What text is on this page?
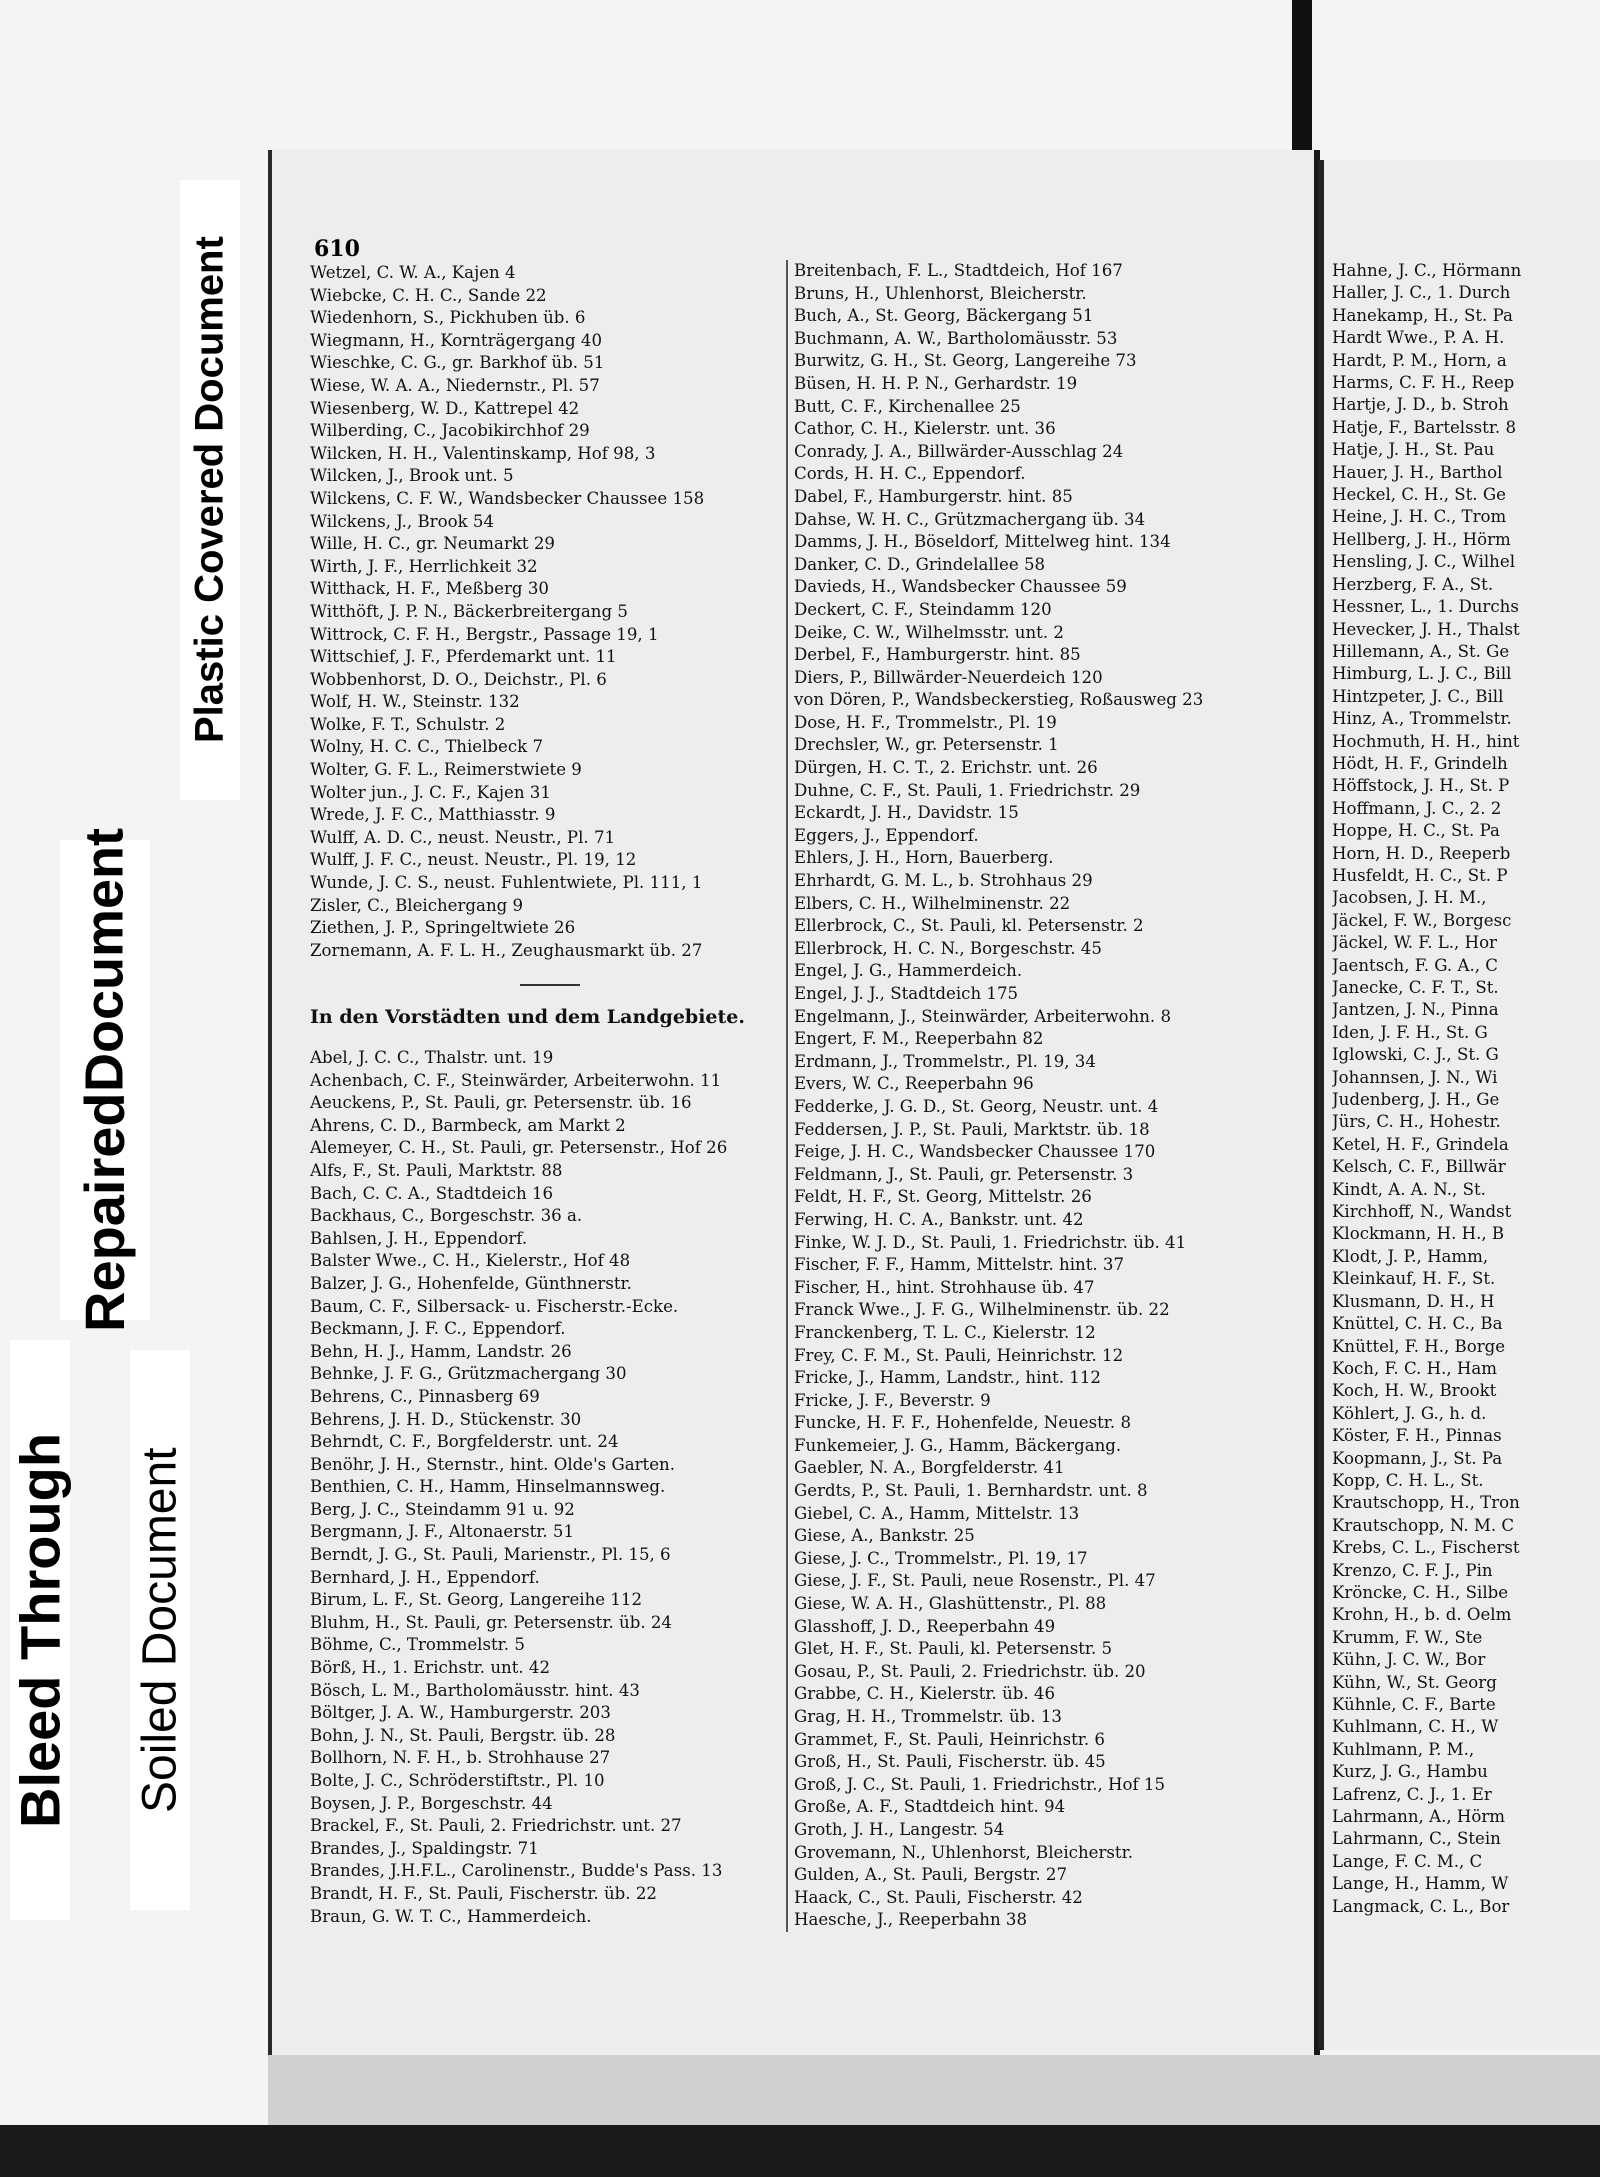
Plastic Covered Document
Repaired
Document
Bleed Through Soiled Document
610
Wetzel, C. W. A., Kajen 4
Wiebcke, C. H. C., Sande 22
Wiedenhorn, S., Pickhuben üb. 6
Wiegmann, H., Kornträgergang 40
Wieschke, C. G., gr. Barkhof üb. 51
Wiese, W. A. A., Niedernstr., Pl. 57
Wiesenberg, W. D., Kattrepel 42
Wilberding, C., Jacobikirchhof 29
Wilcken, H. H., Valentinskamp, Hof 98, 3
Wilcken, J., Brook unt. 5
Wilckens, C. F. W., Wandsbecker Chaussee 158
Wilckens, J., Brook 54
Wille, H. C., gr. Neumarkt 29
Wirth, J. F., Herrlichkeit 32
Witthack, H. F., Meßberg 30
Witthöft, J. P. N., Bäckerbreitergang 5
Wittrock, C. F. H., Bergstr., Passage 19, 1
Wittschief, J. F., Pferdemarkt unt. 11
Wobbenhorst, D. O., Deichstr., Pl. 6
Wolf, H. W., Steinstr. 132
Wolke, F. T., Schulstr. 2
Wolny, H. C. C., Thielbeck 7
Wolter, G. F. L., Reimerstwiete 9
Wolter jun., J. C. F., Kajen 31
Wrede, J. F. C., Matthiasstr. 9
Wulff, A. D. C., neust. Neustr., Pl. 71
Wulff, J. F. C., neust. Neustr., Pl. 19, 12
Wunde, J. C. S., neust. Fuhlentwiete, Pl. 111, 1
Zisler, C., Bleichergang 9
Ziethen, J. P., Springeltwiete 26
Zornemann, A. F. L. H., Zeughausmarkt üb. 27
In den Vorstädten und dem Landgebiete.
Abel, J. C. C., Thalstr. unt. 19
Achenbach, C. F., Steinwärder, Arbeiterwohn. 11
Aeuckens, P., St. Pauli, gr. Petersenstr. üb. 16
Ahrens, C. D., Barmbeck, am Markt 2
Alemeyer, C. H., St. Pauli, gr. Petersenstr., Hof 26
Alfs, F., St. Pauli, Marktstr. 88
Bach, C. C. A., Stadtdeich 16
Backhaus, C., Borgeschstr. 36 a.
Bahlsen, J. H., Eppendorf.
Balster Wwe., C. H., Kielerstr., Hof 48
Balzer, J. G., Hohenfelde, Günthnerstr.
Baum, C. F., Silbersack- u. Fischerstr.-Ecke.
Beckmann, J. F. C., Eppendorf.
Behn, H. J., Hamm, Landstr. 26
Behnke, J. F. G., Grützmachergang 30
Behrens, C., Pinnasberg 69
Behrens, J. H. D., Stückenstr. 30
Behrndt, C. F., Borgfelderstr. unt. 24
Benöhr, J. H., Sternstr., hint. Olde's Garten.
Benthien, C. H., Hamm, Hinselmannsweg.
Berg, J. C., Steindamm 91 u. 92
Bergmann, J. F., Altonaerstr. 51
Berndt, J. G., St. Pauli, Marienstr., Pl. 15, 6
Bernhard, J. H., Eppendorf.
Birum, L. F., St. Georg, Langereihe 112
Bluhm, H., St. Pauli, gr. Petersenstr. üb. 24
Böhme, C., Trommelstr. 5
Börß, H., 1. Erichstr. unt. 42
Bösch, L. M., Bartholomäusstr. hint. 43
Böltger, J. A. W., Hamburgerstr. 203
Bohn, J. N., St. Pauli, Bergstr. üb. 28
Bollhorn, N. F. H., b. Strohhause 27
Bolte, J. C., Schröderstiftstr., Pl. 10
Boysen, J. P., Borgeschstr. 44
Brackel, F., St. Pauli, 2. Friedrichstr. unt. 27
Brandes, J., Spaldingstr. 71
Brandes, J.H.F.L., Carolinenstr., Budde's Pass. 13
Brandt, H. F., St. Pauli, Fischerstr. üb. 22
Braun, G. W. T. C., Hammerdeich.
Breitenbach, F. L., Stadtdeich, Hof 167
Bruns, H., Uhlenhorst, Bleicherstr.
Buch, A., St. Georg, Bäckergang 51
Buchmann, A. W., Bartholomäusstr. 53
Burwitz, G. H., St. Georg, Langereihe 73
Büsen, H. H. P. N., Gerhardstr. 19
Butt, C. F., Kirchenallee 25
Cathor, C. H., Kielerstr. unt. 36
Conrady, J. A., Billwärder-Ausschlag 24
Cords, H. H. C., Eppendorf.
Dabel, F., Hamburgerstr. hint. 85
Dahse, W. H. C., Grützmachergang üb. 34
Damms, J. H., Böseldorf, Mittelweg hint. 134
Danker, C. D., Grindelallee 58
Davieds, H., Wandsbecker Chaussee 59
Deckert, C. F., Steindamm 120
Deike, C. W., Wilhelmsstr. unt. 2
Derbel, F., Hamburgerstr. hint. 85
Diers, P., Billwärder-Neuerdeich 120
von Dören, P., Wandsbeckerstieg, Roßausweg 23
Dose, H. F., Trommelstr., Pl. 19
Drechsler, W., gr. Petersenstr. 1
Dürgen, H. C. T., 2. Erichstr. unt. 26
Duhne, C. F., St. Pauli, 1. Friedrichstr. 29
Eckardt, J. H., Davidstr. 15
Eggers, J., Eppendorf.
Ehlers, J. H., Horn, Bauerberg.
Ehrhardt, G. M. L., b. Strohhaus 29
Elbers, C. H., Wilhelminenstr. 22
Ellerbrock, C., St. Pauli, kl. Petersenstr. 2
Ellerbrock, H. C. N., Borgeschstr. 45
Engel, J. G., Hammerdeich.
Engel, J. J., Stadtdeich 175
Engelmann, J., Steinwärder, Arbeiterwohn. 8
Engert, F. M., Reeperbahn 82
Erdmann, J., Trommelstr., Pl. 19, 34
Evers, W. C., Reeperbahn 96
Fedderke, J. G. D., St. Georg, Neustr. unt. 4
Feddersen, J. P., St. Pauli, Marktstr. üb. 18
Feige, J. H. C., Wandsbecker Chaussee 170
Feldmann, J., St. Pauli, gr. Petersenstr. 3
Feldt, H. F., St. Georg, Mittelstr. 26
Ferwing, H. C. A., Bankstr. unt. 42
Finke, W. J. D., St. Pauli, 1. Friedrichstr. üb. 41
Fischer, F. F., Hamm, Mittelstr. hint. 37
Fischer, H., hint. Strohhause üb. 47
Franck Wwe., J. F. G., Wilhelminenstr. üb. 22
Franckenberg, T. L. C., Kielerstr. 12
Frey, C. F. M., St. Pauli, Heinrichstr. 12
Fricke, J., Hamm, Landstr., hint. 112
Fricke, J. F., Beverstr. 9
Funcke, H. F. F., Hohenfelde, Neuestr. 8
Funkemeier, J. G., Hamm, Bäckergang.
Gaebler, N. A., Borgfelderstr. 41
Gerdts, P., St. Pauli, 1. Bernhardstr. unt. 8
Giebel, C. A., Hamm, Mittelstr. 13
Giese, A., Bankstr. 25
Giese, J. C., Trommelstr., Pl. 19, 17
Giese, J. F., St. Pauli, neue Rosenstr., Pl. 47
Giese, W. A. H., Glashüttenstr., Pl. 88
Glasshoff, J. D., Reeperbahn 49
Glet, H. F., St. Pauli, kl. Petersenstr. 5
Gosau, P., St. Pauli, 2. Friedrichstr. üb. 20
Grabbe, C. H., Kielerstr. üb. 46
Grag, H. H., Trommelstr. üb. 13
Grammet, F., St. Pauli, Heinrichstr. 6
Groß, H., St. Pauli, Fischerstr. üb. 45
Groß, J. C., St. Pauli, 1. Friedrichstr., Hof 15
Große, A. F., Stadtdeich hint. 94
Groth, J. H., Langestr. 54
Grovemann, N., Uhlenhorst, Bleicherstr.
Gulden, A., St. Pauli, Bergstr. 27
Haack, C., St. Pauli, Fischerstr. 42
Haesche, J., Reeperbahn 38
Hahne, J. C., Hörmann
Haller, J. C., 1. Durch
Hanekamp, H., St. Pa
Hardt Wwe., P. A. H.
Hardt, P. M., Horn, a
Harms, C. F. H., Reep
Hartje, J. D., b. Stroh
Hatje, F., Bartelsstr. 8
Hatje, J. H., St. Pau
Hauer, J. H., Barthol
Heckel, C. H., St. Ge
Heine, J. H. C., Trom
Hellberg, J. H., Hörm
Hensling, J. C., Wilhel
Herzberg, F. A., St.
Hessner, L., 1. Durchs
Hevecker, J. H., Thalst
Hillemann, A., St. Ge
Himburg, L. J. C., Bill
Hintzpeter, J. C., Bill
Hinz, A., Trommelstr.
Hochmuth, H. H., hint
Hödt, H. F., Grindelh
Höffstock, J. H., St. P
Hoffmann, J. C., 2. 2
Hoppe, H. C., St. Pa
Horn, H. D., Reeperb
Husfeldt, H. C., St. P
Jacobsen, J. H. M.,
Jäckel, F. W., Borgesc
Jäckel, W. F. L., Hor
Jaentsch, F. G. A., C
Janecke, C. F. T., St.
Jantzen, J. N., Pinna
Iden, J. F. H., St. G
Iglowski, C. J., St. G
Johannsen, J. N., Wi
Judenberg, J. H., Ge
Jürs, C. H., Hohestr.
Ketel, H. F., Grindela
Kelsch, C. F., Billwär
Kindt, A. A. N., St.
Kirchhoff, N., Wandst
Klockmann, H. H., B
Klodt, J. P., Hamm,
Kleinkauf, H. F., St.
Klusmann, D. H., H
Knüttel, C. H. C., Ba
Knüttel, F. H., Borge
Koch, F. C. H., Ham
Koch, H. W., Brookt
Köhlert, J. G., h. d.
Köster, F. H., Pinnas
Koopmann, J., St. Pa
Kopp, C. H. L., St.
Krautschopp, H., Tron
Krautschopp, N. M. C
Krebs, C. L., Fischerst
Krenzo, C. F. J., Pin
Kröncke, C. H., Silbe
Krohn, H., b. d. Oelm
Krumm, F. W., Ste
Kühn, J. C. W., Bor
Kühn, W., St. Georg
Kühnle, C. F., Barte
Kuhlmann, C. H., W
Kuhlmann, P. M.,
Kurz, J. G., Hambu
Lafrenz, C. J., 1. Er
Lahrmann, A., Hörm
Lahrmann, C., Stein
Lange, F. C. M., C
Lange, H., Hamm, W
Langmack, C. L., Bor
